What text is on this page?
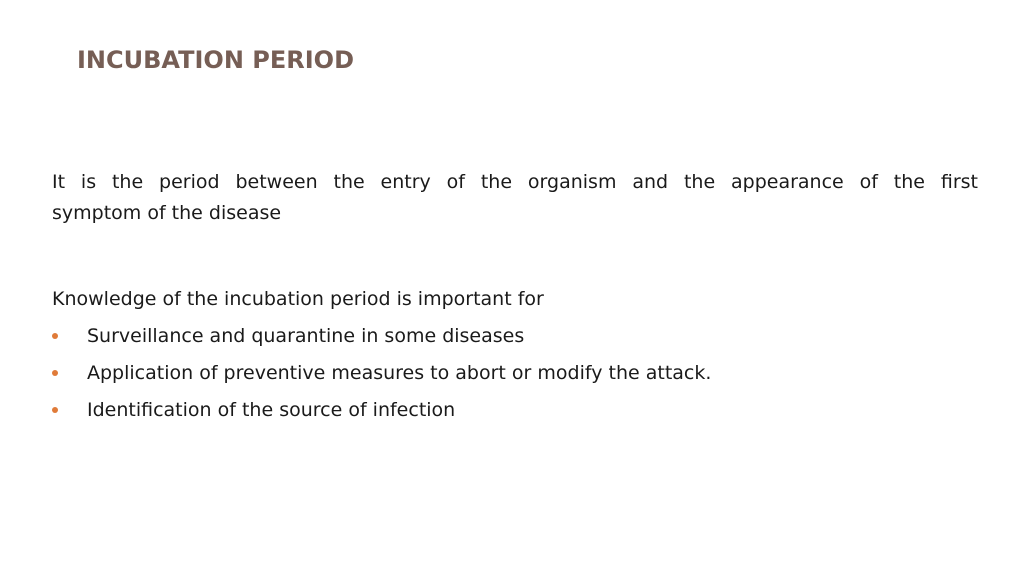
INCUBATION PERIOD
It is the period between the entry of the organism and the appearance of the first
symptom of the disease
Knowledge of the incubation period is important for
Surveillance and quarantine in some diseases
Application of preventive measures to abort or modify the attack.
Identification of the source of infection
